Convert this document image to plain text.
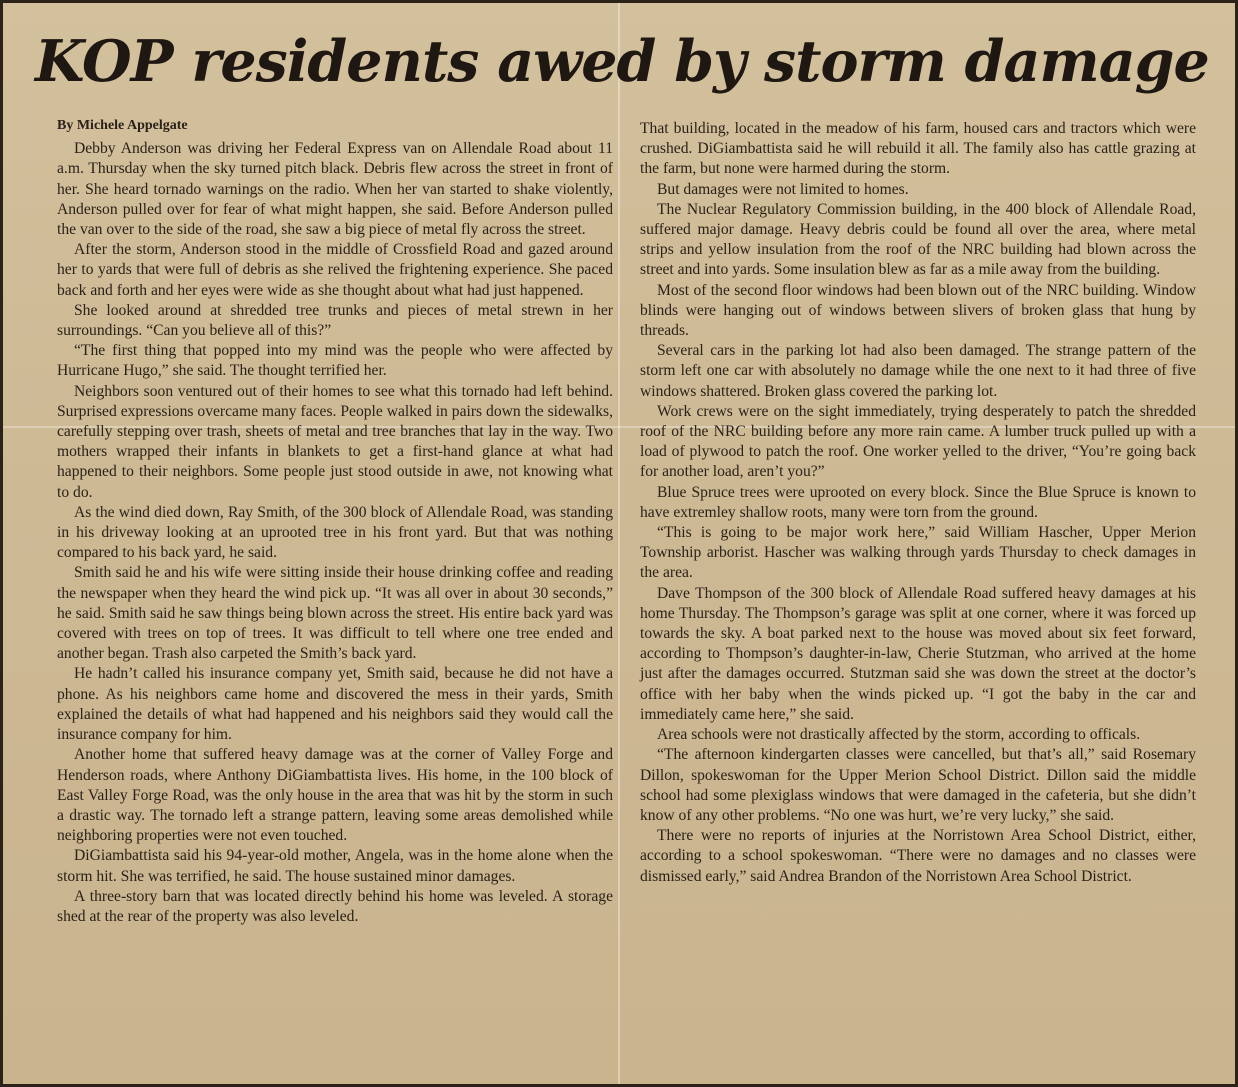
KOP residents awed by storm damage
By Michele Appelgate

Debby Anderson was driving her Federal Express van on Allendale Road about 11 a.m. Thursday when the sky turned pitch black. Debris flew across the street in front of her. She heard tornado warnings on the radio. When her van started to shake violently, Anderson pulled over for fear of what might happen, she said. Before Anderson pulled the van over to the side of the road, she saw a big piece of metal fly across the street.

After the storm, Anderson stood in the middle of Crossfield Road and gazed around her to yards that were full of debris as she relived the frightening experience. She paced back and forth and her eyes were wide as she thought about what had just happened.

She looked around at shredded tree trunks and pieces of metal strewn in her surroundings. “Can you believe all of this?”

“The first thing that popped into my mind was the people who were affected by Hurricane Hugo,” she said. The thought terrified her.

Neighbors soon ventured out of their homes to see what this tornado had left behind. Surprised expressions overcame many faces. People walked in pairs down the sidewalks, carefully stepping over trash, sheets of metal and tree branches that lay in the way. Two mothers wrapped their infants in blankets to get a first-hand glance at what had happened to their neighbors. Some people just stood outside in awe, not knowing what to do.

As the wind died down, Ray Smith, of the 300 block of Allendale Road, was standing in his driveway looking at an uprooted tree in his front yard. But that was nothing compared to his back yard, he said.

Smith said he and his wife were sitting inside their house drinking coffee and reading the newspaper when they heard the wind pick up. “It was all over in about 30 seconds,” he said. Smith said he saw things being blown across the street. His entire back yard was covered with trees on top of trees. It was difficult to tell where one tree ended and another began. Trash also carpeted the Smith’s back yard.

He hadn’t called his insurance company yet, Smith said, because he did not have a phone. As his neighbors came home and discovered the mess in their yards, Smith explained the details of what had happened and his neighbors said they would call the insurance company for him.

Another home that suffered heavy damage was at the corner of Valley Forge and Henderson roads, where Anthony DiGiambattista lives. His home, in the 100 block of East Valley Forge Road, was the only house in the area that was hit by the storm in such a drastic way. The tornado left a strange pattern, leaving some areas demolished while neighboring properties were not even touched.

DiGiambattista said his 94-year-old mother, Angela, was in the home alone when the storm hit. She was terrified, he said. The house sustained minor damages.

A three-story barn that was located directly behind his home was leveled. A storage shed at the rear of the property was also leveled.

That building, located in the meadow of his farm, housed cars and tractors which were crushed. DiGiambattista said he will rebuild it all. The family also has cattle grazing at the farm, but none were harmed during the storm.

But damages were not limited to homes.

The Nuclear Regulatory Commission building, in the 400 block of Allendale Road, suffered major damage. Heavy debris could be found all over the area, where metal strips and yellow insulation from the roof of the NRC building had blown across the street and into yards. Some insulation blew as far as a mile away from the building.

Most of the second floor windows had been blown out of the NRC building. Window blinds were hanging out of windows between slivers of broken glass that hung by threads.

Several cars in the parking lot had also been damaged. The strange pattern of the storm left one car with absolutely no damage while the one next to it had three of five windows shattered. Broken glass covered the parking lot.

Work crews were on the sight immediately, trying desperately to patch the shredded roof of the NRC building before any more rain came. A lumber truck pulled up with a load of plywood to patch the roof. One worker yelled to the driver, “You’re going back for another load, aren’t you?”

Blue Spruce trees were uprooted on every block. Since the Blue Spruce is known to have extremley shallow roots, many were torn from the ground.

“This is going to be major work here,” said William Hascher, Upper Merion Township arborist. Hascher was walking through yards Thursday to check damages in the area.

Dave Thompson of the 300 block of Allendale Road suffered heavy damages at his home Thursday. The Thompson’s garage was split at one corner, where it was forced up towards the sky. A boat parked next to the house was moved about six feet forward, according to Thompson’s daughter-in-law, Cherie Stutzman, who arrived at the home just after the damages occurred. Stutzman said she was down the street at the doctor’s office with her baby when the winds picked up. “I got the baby in the car and immediately came here,” she said.

Area schools were not drastically affected by the storm, according to officals.

“The afternoon kindergarten classes were cancelled, but that’s all,” said Rosemary Dillon, spokeswoman for the Upper Merion School District. Dillon said the middle school had some plexiglass windows that were damaged in the cafeteria, but she didn’t know of any other problems. “No one was hurt, we’re very lucky,” she said.

There were no reports of injuries at the Norristown Area School District, either, according to a school spokeswoman. “There were no damages and no classes were dismissed early,” said Andrea Brandon of the Norristown Area School District.
